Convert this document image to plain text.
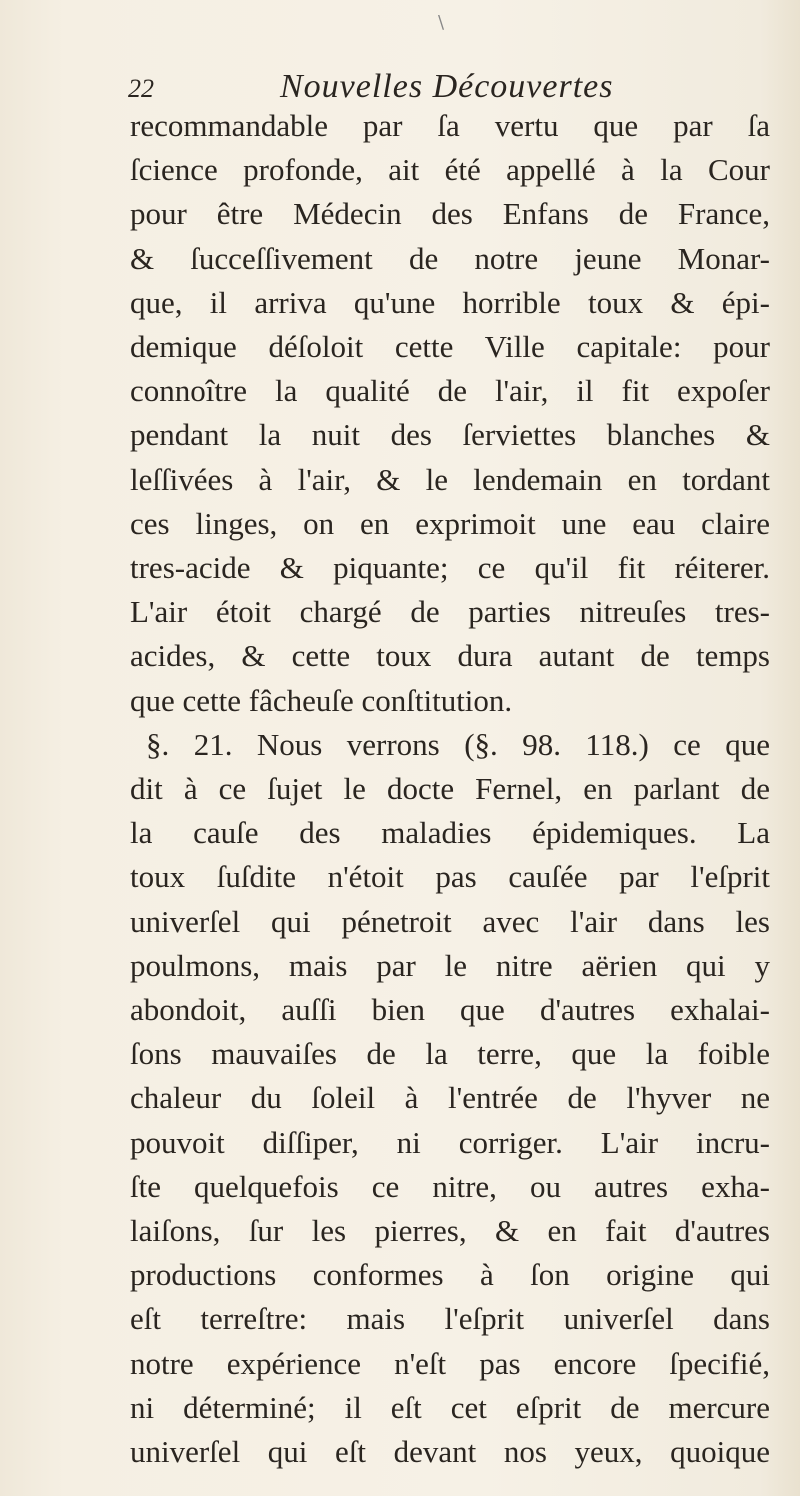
\
22	Nouvelles Découvertes
recommandable par ſa vertu que par ſa
ſcience profonde, ait été appellé à la Cour
pour être Médecin des Enfans de France,
& ſucceſſivement de notre jeune Monar-
que, il arriva qu'une horrible toux & épi-
demique déſoloit cette Ville capitale: pour
connoître la qualité de l'air, il fit expoſer
pendant la nuit des ſerviettes blanches &
leſſivées à l'air, & le lendemain en tordant
ces linges, on en exprimoit une eau claire
tres-acide & piquante; ce qu'il fit réiterer.
L'air étoit chargé de parties nitreuſes tres-
acides, & cette toux dura autant de temps
que cette fâcheuſe conſtitution.
§. 21. Nous verrons (§. 98. 118.) ce que
dit à ce ſujet le docte Fernel, en parlant de
la cauſe des maladies épidemiques. La
toux ſuſdite n'étoit pas cauſée par l'eſprit
univerſel qui pénetroit avec l'air dans les
poulmons, mais par le nitre aërien qui y
abondoit, auſſi bien que d'autres exhalai-
ſons mauvaiſes de la terre, que la foible
chaleur du ſoleil à l'entrée de l'hyver ne
pouvoit diſſiper, ni corriger. L'air incru-
ſte quelquefois ce nitre, ou autres exha-
laiſons, ſur les pierres, & en fait d'autres
productions conformes à ſon origine qui
eſt terreſtre: mais l'eſprit univerſel dans
notre expérience n'eſt pas encore ſpecifié,
ni déterminé; il eſt cet eſprit de mercure
univerſel qui eſt devant nos yeux, quoique
